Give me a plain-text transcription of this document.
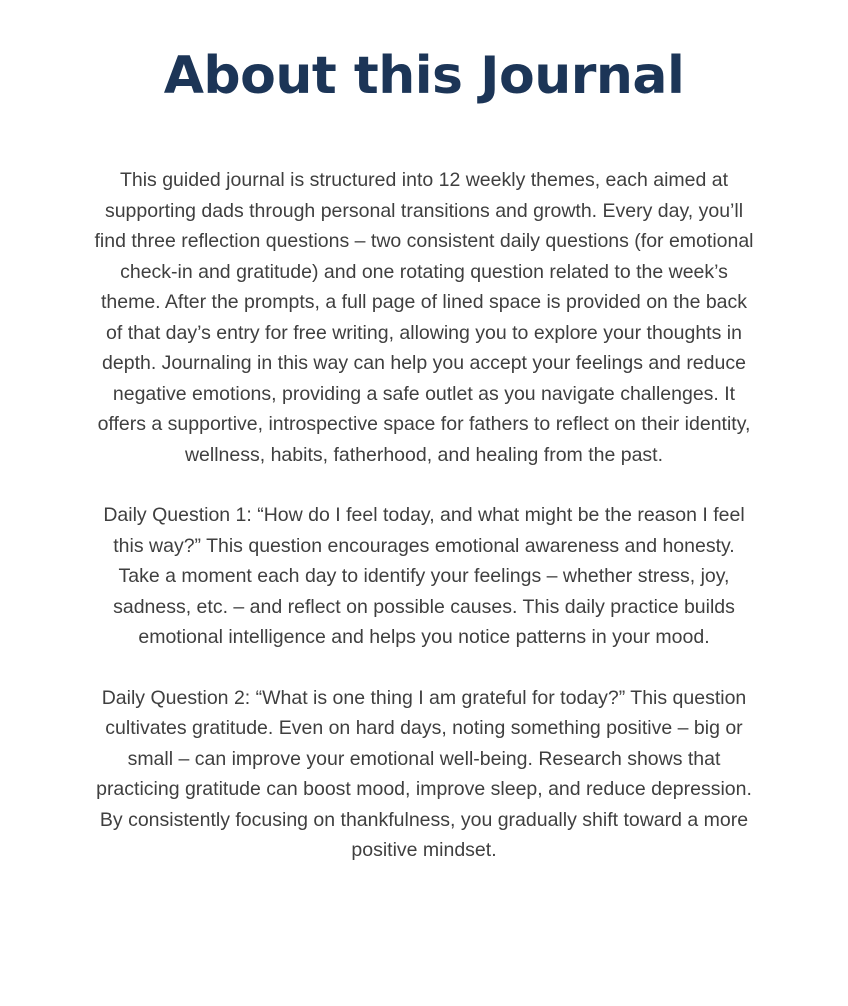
About this Journal

This guided journal is structured into 12 weekly themes, each aimed at supporting dads through personal transitions and growth. Every day, you’ll find three reflection questions – two consistent daily questions (for emotional check-in and gratitude) and one rotating question related to the week’s theme. After the prompts, a full page of lined space is provided on the back of that day’s entry for free writing, allowing you to explore your thoughts in depth. Journaling in this way can help you accept your feelings and reduce negative emotions, providing a safe outlet as you navigate challenges. It offers a supportive, introspective space for fathers to reflect on their identity, wellness, habits, fatherhood, and healing from the past.

Daily Question 1: “How do I feel today, and what might be the reason I feel this way?” This question encourages emotional awareness and honesty. Take a moment each day to identify your feelings – whether stress, joy, sadness, etc. – and reflect on possible causes. This daily practice builds emotional intelligence and helps you notice patterns in your mood.

Daily Question 2: “What is one thing I am grateful for today?” This question cultivates gratitude. Even on hard days, noting something positive – big or small – can improve your emotional well-being. Research shows that practicing gratitude can boost mood, improve sleep, and reduce depression. By consistently focusing on thankfulness, you gradually shift toward a more positive mindset.
